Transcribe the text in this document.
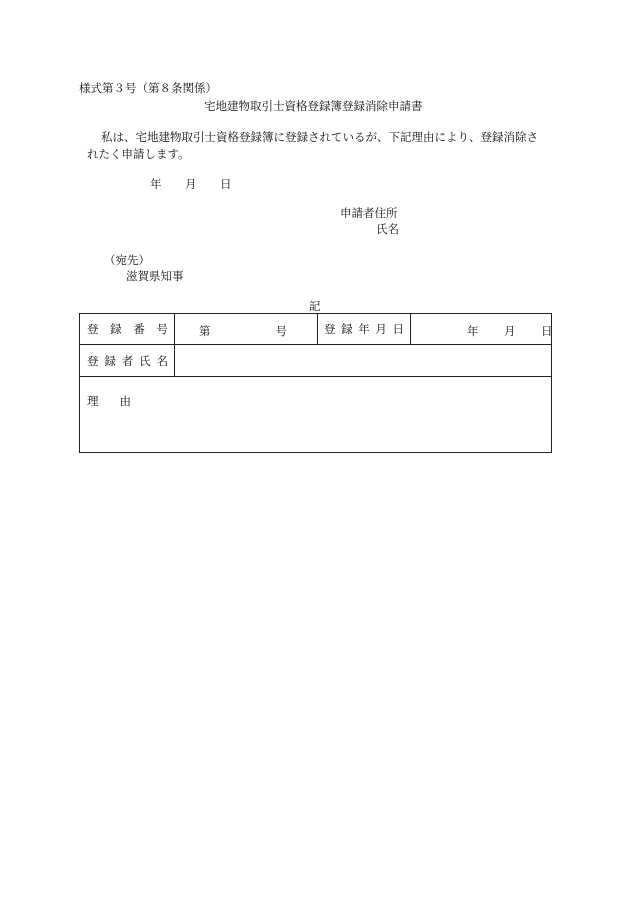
様式第３号（第８条関係）
宅地建物取引士資格登録簿登録消除申請書
私は、宅地建物取引士資格登録簿に登録されているが、下記理由により、登録消除さ
れたく申請します。
年 月 日
申請者住所
氏名
（宛先）
滋賀県知事
記
登 録 番 号	第 号	登 録 年 月 日	年 月 日

登 録 者 氏 名			

理 由			
